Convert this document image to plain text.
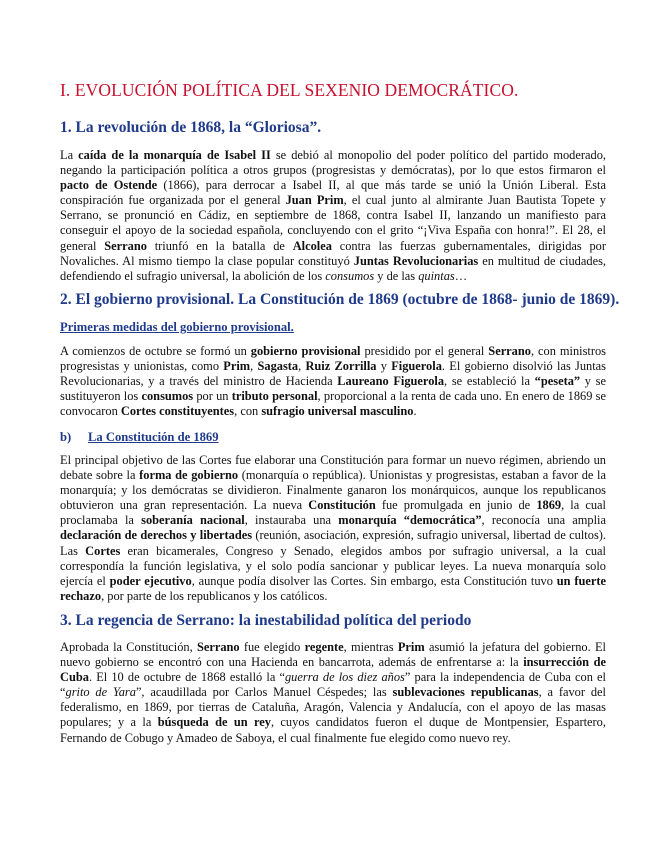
I. EVOLUCIÓN POLÍTICA DEL SEXENIO DEMOCRÁTICO.
1. La revolución de 1868, la “Gloriosa”.

La caída de la monarquía de Isabel II se debió al monopolio del poder político del partido moderado, negando la participación política a otros grupos (progresistas y demócratas), por lo que estos firmaron el pacto de Ostende (1866), para derrocar a Isabel II, al que más tarde se unió la Unión Liberal. Esta conspiración fue organizada por el general Juan Prim, el cual junto al almirante Juan Bautista Topete y Serrano, se pronunció en Cádiz, en septiembre de 1868, contra Isabel II, lanzando un manifiesto para conseguir el apoyo de la sociedad española, concluyendo con el grito “¡Viva España con honra!”. El 28, el general Serrano triunfó en la batalla de Alcolea contra las fuerzas gubernamentales, dirigidas por Novaliches. Al mismo tiempo la clase popular constituyó Juntas Revolucionarias en multitud de ciudades, defendiendo el sufragio universal, la abolición de los consumos y de las quintas…

2. El gobierno provisional. La Constitución de 1869 (octubre de 1868- junio de 1869).
Primeras medidas del gobierno provisional.

A comienzos de octubre se formó un gobierno provisional presidido por el general Serrano, con ministros progresistas y unionistas, como Prim, Sagasta, Ruiz Zorrilla y Figuerola. El gobierno disolvió las Juntas Revolucionarias, y a través del ministro de Hacienda Laureano Figuerola, se estableció la “peseta” y se sustituyeron los consumos por un tributo personal, proporcional a la renta de cada uno. En enero de 1869 se convocaron Cortes constituyentes, con sufragio universal masculino.

b) La Constitución de 1869

El principal objetivo de las Cortes fue elaborar una Constitución para formar un nuevo régimen, abriendo un debate sobre la forma de gobierno (monarquía o república). Unionistas y progresistas, estaban a favor de la monarquía; y los demócratas se dividieron. Finalmente ganaron los monárquicos, aunque los republicanos obtuvieron una gran representación. La nueva Constitución fue promulgada en junio de 1869, la cual proclamaba la soberanía nacional, instauraba una monarquía “democrática”, reconocía una amplia declaración de derechos y libertades (reunión, asociación, expresión, sufragio universal, libertad de cultos). Las Cortes eran bicamerales, Congreso y Senado, elegidos ambos por sufragio universal, a la cual correspondía la función legislativa, y el solo podía sancionar y publicar leyes. La nueva monarquía solo ejercía el poder ejecutivo, aunque podía disolver las Cortes. Sin embargo, esta Constitución tuvo un fuerte rechazo, por parte de los republicanos y los católicos.

3. La regencia de Serrano: la inestabilidad política del periodo

Aprobada la Constitución, Serrano fue elegido regente, mientras Prim asumió la jefatura del gobierno. El nuevo gobierno se encontró con una Hacienda en bancarrota, además de enfrentarse a: la insurrección de Cuba. El 10 de octubre de 1868 estalló la “guerra de los diez años” para la independencia de Cuba con el “grito de Yara”, acaudillada por Carlos Manuel Céspedes; las sublevaciones republicanas, a favor del federalismo, en 1869, por tierras de Cataluña, Aragón, Valencia y Andalucía, con el apoyo de las masas populares; y a la búsqueda de un rey, cuyos candidatos fueron el duque de Montpensier, Espartero, Fernando de Cobugo y Amadeo de Saboya, el cual finalmente fue elegido como nuevo rey.
